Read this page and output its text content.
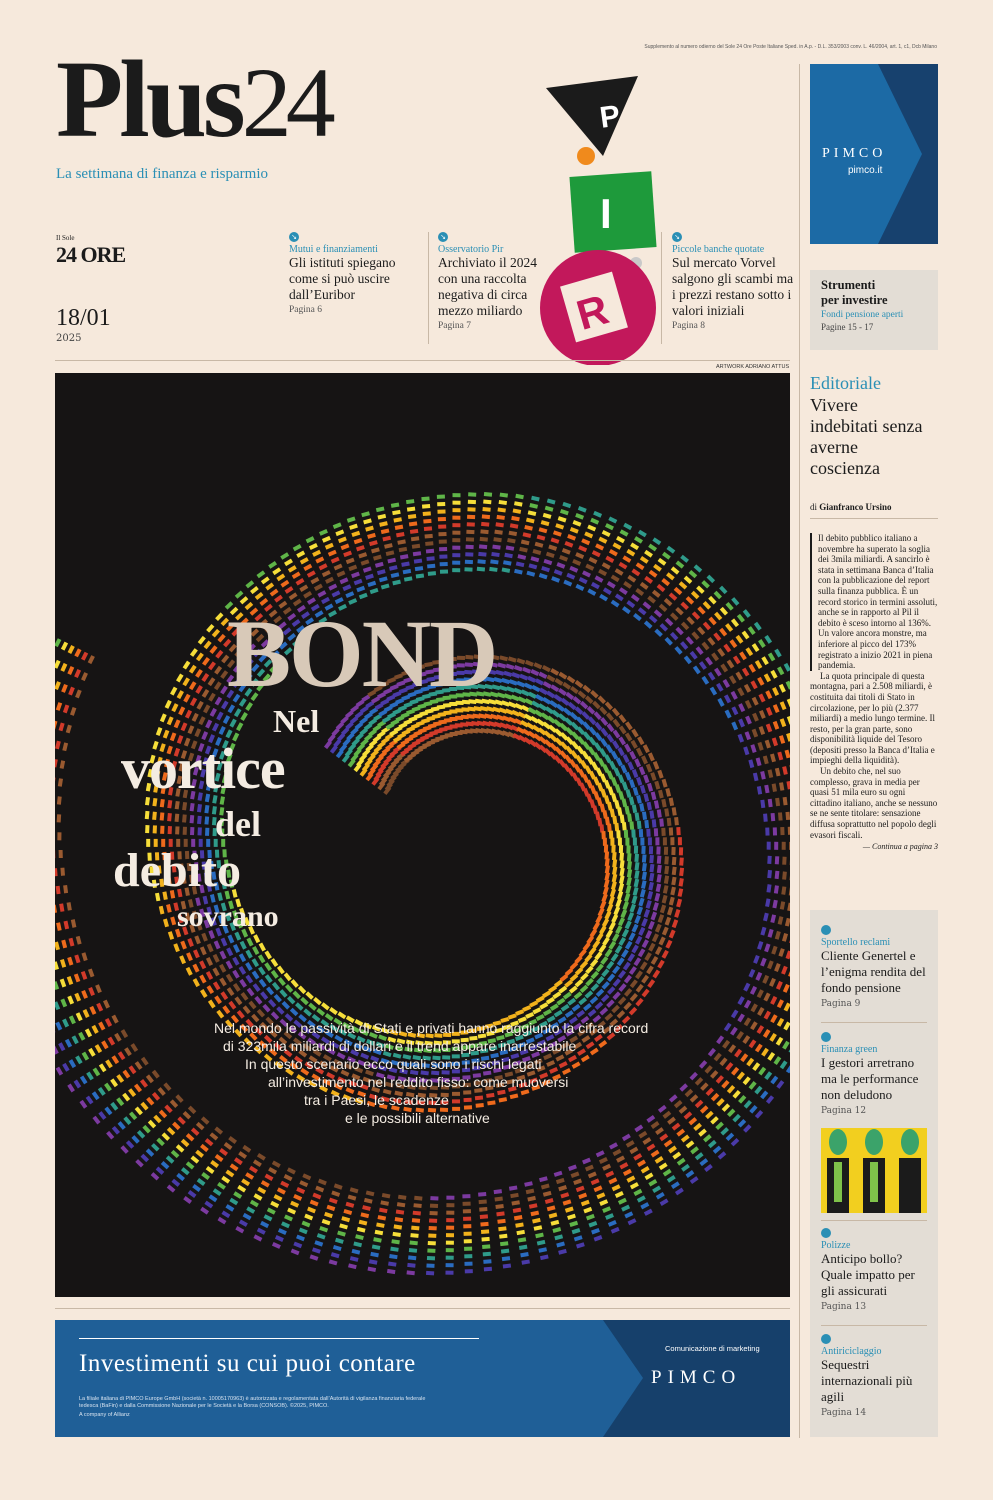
Supplemento al numero odierno del Sole 24 Ore Poste Italiane Sped. in A.p. - D.L. 353/2003 conv. L. 46/2004, art. 1, c1, Dcb Milano
Plus24
La settimana di finanza e risparmio
Il Sole
24 ORE
18/01
2025
↘
Mutui e finanziamenti
Gli istituti spiegano come si può uscire dall’Euribor
Pagina 6
↘
Osservatorio Pir
Archiviato il 2024 con una raccolta negativa di circa mezzo miliardo
Pagina 7
↘
Piccole banche quotate
Sul mercato Vorvel salgono gli scambi ma i prezzi restano sotto i valori iniziali
Pagina 8
P
I
R
ARTWORK ADRIANO ATTUS
BOND
Nel
vortice
del
debito
sovrano
Nel mondo le passività di Stati e privati hanno raggiunto la cifra record
di 323mila miliardi di dollari e il trend appare inarrestabile
In questo scenario ecco quali sono i rischi legati
all’investimento nel reddito fisso: come muoversi
tra i Paesi, le scadenze
e le possibili alternative
PIMCO
pimco.it
Strumenti
per investire
Fondi pensione aperti
Pagine 15 - 17
Editoriale
Vivere indebitati senza averne coscienza
di Gianfranco Ursino
Il debito pubblico italiano a novembre ha superato la soglia dei 3mila miliardi. A sancirlo è stata in settimana Banca d’Italia con la pubblicazione del report sulla finanza pubblica. È un record storico in termini assoluti, anche se in rapporto al Pil il debito è sceso intorno al 136%. Un valore ancora monstre, ma inferiore al picco del 173% registrato a inizio 2021 in piena pandemia.
La quota principale di questa montagna, pari a 2.508 miliardi, è costituita dai titoli di Stato in circolazione, per lo più (2.377 miliardi) a medio lungo termine. Il resto, per la gran parte, sono disponibilità liquide del Tesoro (depositi presso la Banca d’Italia e impieghi della liquidità).
Un debito che, nel suo complesso, grava in media per quasi 51 mila euro su ogni cittadino italiano, anche se nessuno se ne sente titolare: sensazione diffusa soprattutto nel popolo degli evasori fiscali.
— Continua a pagina 3
Sportello reclami
Cliente Genertel e l’enigma rendita del fondo pensione
Pagina 9
Finanza green
I gestori arretrano ma le performance non deludono
Pagina 12
Polizze
Anticipo bollo? Quale impatto per gli assicurati
Pagina 13
Antiriciclaggio
Sequestri internazionali più agili
Pagina 14
Investimenti su cui puoi contare
La filiale italiana di PIMCO Europe GmbH (società n. 10005170963) è autorizzata e regolamentata dall’Autorità di vigilanza finanziaria federale tedesca (BaFin) e dalla Commissione Nazionale per le Società e la Borsa (CONSOB). ©2025, PIMCO.
A company of Allianz
Comunicazione di marketing
PIMCO
